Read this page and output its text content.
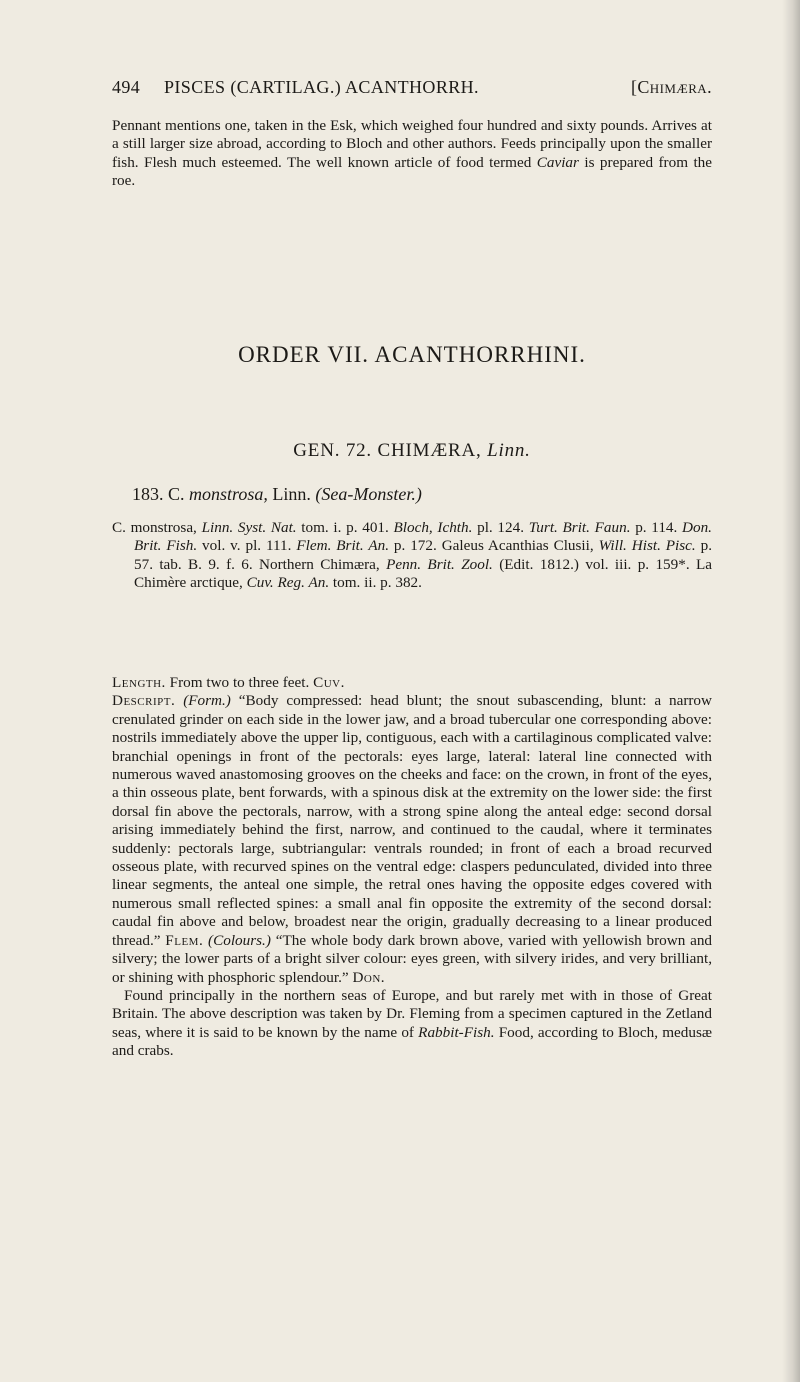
494	PISCES (CARTILAG.) ACANTHORRH.	[Chimæra.

Pennant mentions one, taken in the Esk, which weighed four hundred and sixty pounds. Arrives at a still larger size abroad, according to Bloch and other authors. Feeds principally upon the smaller fish. Flesh much esteemed. The well known article of food termed Caviar is prepared from the roe.

ORDER VII. ACANTHORRHINI.
GEN. 72. CHIMÆRA, Linn.
183. C. monstrosa, Linn. (Sea-Monster.)

C. monstrosa, Linn. Syst. Nat. tom. i. p. 401. Bloch, Ichth. pl. 124. Turt. Brit. Faun. p. 114. Don. Brit. Fish. vol. v. pl. 111. Flem. Brit. An. p. 172. Galeus Acanthias Clusii, Will. Hist. Pisc. p. 57. tab. B. 9. f. 6. Northern Chimæra, Penn. Brit. Zool. (Edit. 1812.) vol. iii. p. 159*. La Chimère arctique, Cuv. Reg. An. tom. ii. p. 382.

Length. From two to three feet. Cuv.

Descript. (Form.) “Body compressed: head blunt; the snout subascending, blunt: a narrow crenulated grinder on each side in the lower jaw, and a broad tubercular one corresponding above: nostrils immediately above the upper lip, contiguous, each with a cartilaginous complicated valve: branchial openings in front of the pectorals: eyes large, lateral: lateral line connected with numerous waved anastomosing grooves on the cheeks and face: on the crown, in front of the eyes, a thin osseous plate, bent forwards, with a spinous disk at the extremity on the lower side: the first dorsal fin above the pectorals, narrow, with a strong spine along the anteal edge: second dorsal arising immediately behind the first, narrow, and continued to the caudal, where it terminates suddenly: pectorals large, subtriangular: ventrals rounded; in front of each a broad recurved osseous plate, with recurved spines on the ventral edge: claspers pedunculated, divided into three linear segments, the anteal one simple, the retral ones having the opposite edges covered with numerous small reflected spines: a small anal fin opposite the extremity of the second dorsal: caudal fin above and below, broadest near the origin, gradually decreasing to a linear produced thread.” Flem. (Colours.) “The whole body dark brown above, varied with yellowish brown and silvery; the lower parts of a bright silver colour: eyes green, with silvery irides, and very brilliant, or shining with phosphoric splendour.” Don.

Found principally in the northern seas of Europe, and but rarely met with in those of Great Britain. The above description was taken by Dr. Fleming from a specimen captured in the Zetland seas, where it is said to be known by the name of Rabbit-Fish. Food, according to Bloch, medusæ and crabs.
